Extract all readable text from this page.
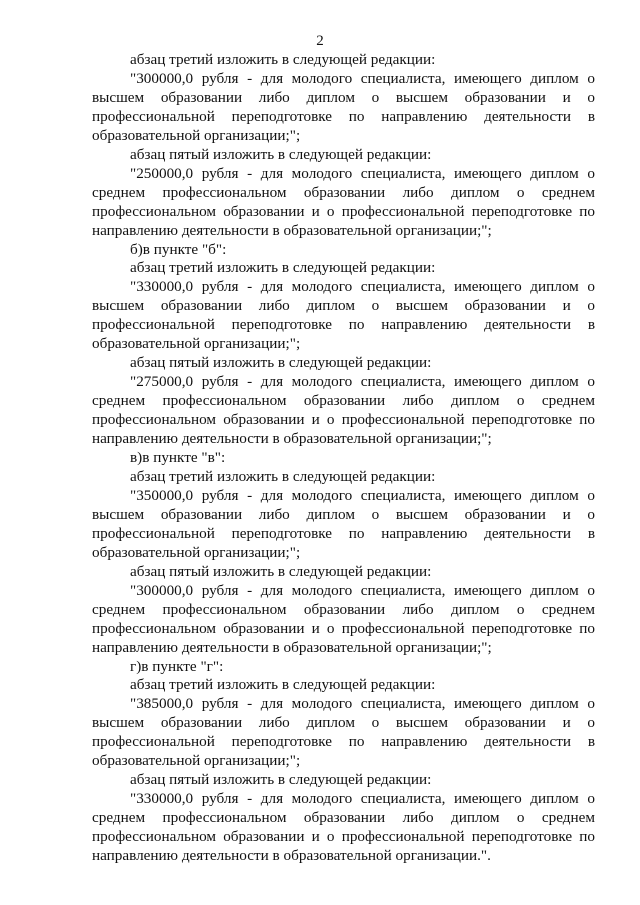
2

абзац третий изложить в следующей редакции:

"300000,0 рубля - для молодого специалиста, имеющего диплом о высшем образовании либо диплом о высшем образовании и о профессиональной переподготовке по направлению деятельности в образовательной организации;";

абзац пятый изложить в следующей редакции:

"250000,0 рубля - для молодого специалиста, имеющего диплом о среднем профессиональном образовании либо диплом о среднем профессиональном образовании и о профессиональной переподготовке по направлению деятельности в образовательной организации;";

б)в пункте "б":

абзац третий изложить в следующей редакции:

"330000,0 рубля - для молодого специалиста, имеющего диплом о высшем образовании либо диплом о высшем образовании и о профессиональной переподготовке по направлению деятельности в образовательной организации;";

абзац пятый изложить в следующей редакции:

"275000,0 рубля - для молодого специалиста, имеющего диплом о среднем профессиональном образовании либо диплом о среднем профессиональном образовании и о профессиональной переподготовке по направлению деятельности в образовательной организации;";

в)в пункте "в":

абзац третий изложить в следующей редакции:

"350000,0 рубля - для молодого специалиста, имеющего диплом о высшем образовании либо диплом о высшем образовании и о профессиональной переподготовке по направлению деятельности в образовательной организации;";

абзац пятый изложить в следующей редакции:

"300000,0 рубля - для молодого специалиста, имеющего диплом о среднем профессиональном образовании либо диплом о среднем профессиональном образовании и о профессиональной переподготовке по направлению деятельности в образовательной организации;";

г)в пункте "г":

абзац третий изложить в следующей редакции:

"385000,0 рубля - для молодого специалиста, имеющего диплом о высшем образовании либо диплом о высшем образовании и о профессиональной переподготовке по направлению деятельности в образовательной организации;";

абзац пятый изложить в следующей редакции:

"330000,0 рубля - для молодого специалиста, имеющего диплом о среднем профессиональном образовании либо диплом о среднем профессиональном образовании и о профессиональной переподготовке по направлению деятельности в образовательной организации.".
